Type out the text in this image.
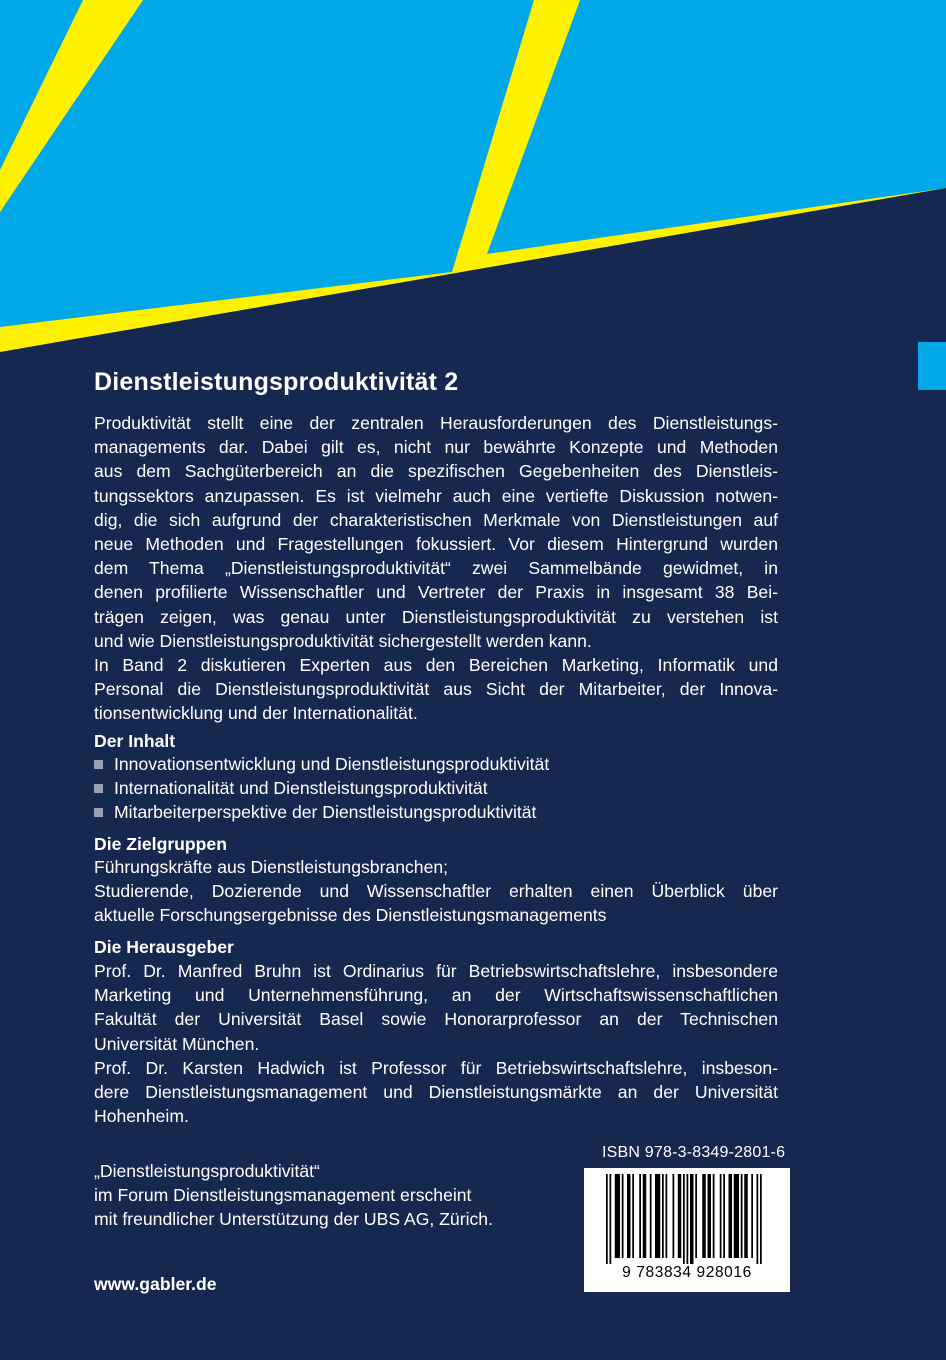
Dienstleistungsproduktivität 2
Produktivität stellt eine der zentralen Herausforderungen des Dienstleistungs-
managements dar. Dabei gilt es, nicht nur bewährte Konzepte und Methoden
aus dem Sachgüterbereich an die spezifischen Gegebenheiten des Dienstleis-
tungssektors anzupassen. Es ist vielmehr auch eine vertiefte Diskussion notwen-
dig, die sich aufgrund der charakteristischen Merkmale von Dienstleistungen auf
neue Methoden und Fragestellungen fokussiert. Vor diesem Hintergrund wurden
dem Thema „Dienstleistungsproduktivität“ zwei Sammelbände gewidmet, in
denen profilierte Wissenschaftler und Vertreter der Praxis in insgesamt 38 Bei-
trägen zeigen, was genau unter Dienstleistungsproduktivität zu verstehen ist
und wie Dienstleistungsproduktivität sichergestellt werden kann.
In Band 2 diskutieren Experten aus den Bereichen Marketing, Informatik und
Personal die Dienstleistungsproduktivität aus Sicht der Mitarbeiter, der Innova-
tionsentwicklung und der Internationalität.
Der Inhalt
Innovationsentwicklung und Dienstleistungsproduktivität
Internationalität und Dienstleistungsproduktivität
Mitarbeiterperspektive der Dienstleistungsproduktivität
Die Zielgruppen
Führungskräfte aus Dienstleistungsbranchen;
Studierende, Dozierende und Wissenschaftler erhalten einen Überblick über
aktuelle Forschungsergebnisse des Dienstleistungsmanagements
Die Herausgeber
Prof. Dr. Manfred Bruhn ist Ordinarius für Betriebswirtschaftslehre, insbesondere
Marketing und Unternehmensführung, an der Wirtschaftswissenschaftlichen
Fakultät der Universität Basel sowie Honorarprofessor an der Technischen
Universität München.
Prof. Dr. Karsten Hadwich ist Professor für Betriebswirtschaftslehre, insbeson-
dere Dienstleistungsmanagement und Dienstleistungsmärkte an der Universität
Hohenheim.
„Dienstleistungsproduktivität“
im Forum Dienstleistungsmanagement erscheint
mit freundlicher Unterstützung der UBS AG, Zürich.
www.gabler.de
ISBN 978-3-8349-2801-6
9 783834 928016
